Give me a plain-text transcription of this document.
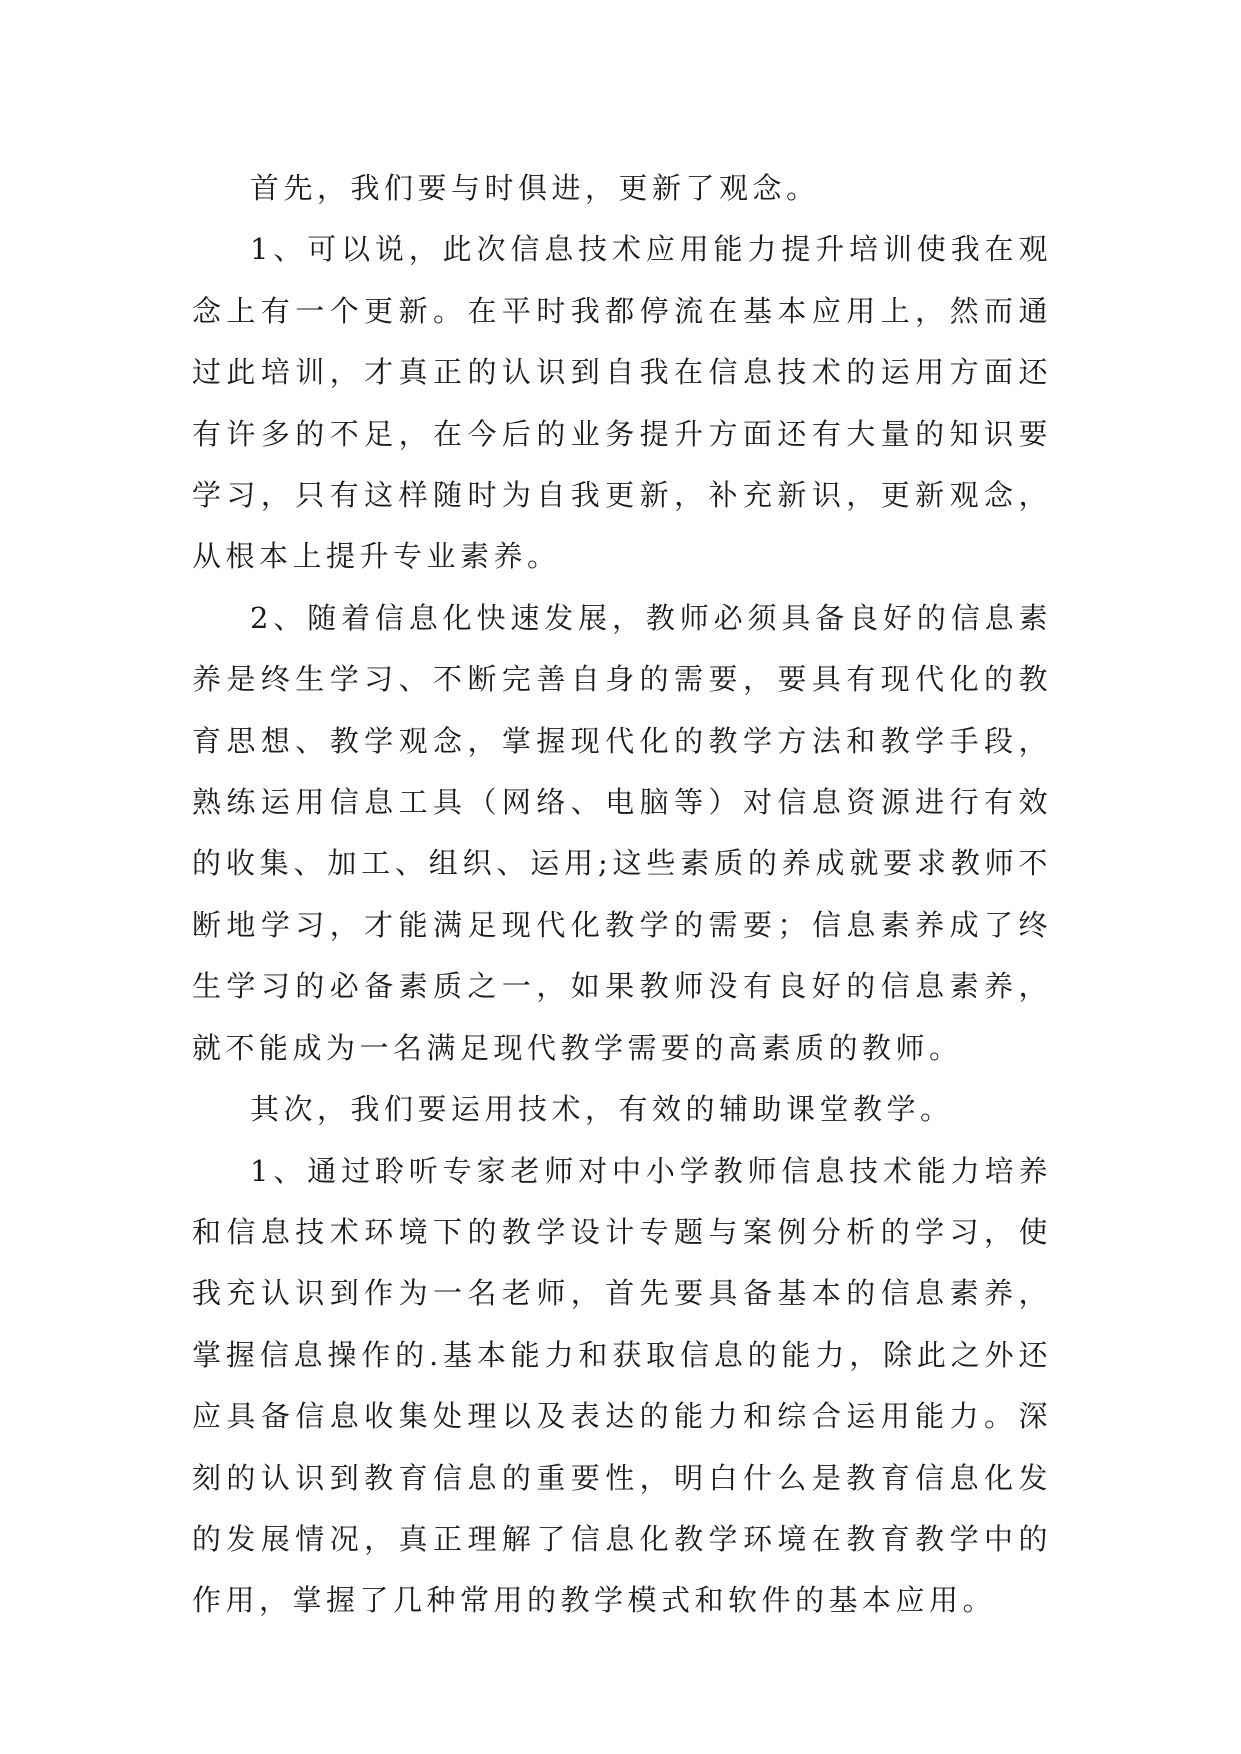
首先，我们要与时俱进，更新了观念。

1、可以说，此次信息技术应用能力提升培训使我在观念上有一个更新。在平时我都停流在基本应用上，然而通过此培训，才真正的认识到自我在信息技术的运用方面还有许多的不足，在今后的业务提升方面还有大量的知识要学习，只有这样随时为自我更新，补充新识，更新观念，从根本上提升专业素养。

2、随着信息化快速发展，教师必须具备良好的信息素养是终生学习、不断完善自身的需要，要具有现代化的教育思想、教学观念，掌握现代化的教学方法和教学手段，熟练运用信息工具（网络、电脑等）对信息资源进行有效的收集、加工、组织、运用;这些素质的养成就要求教师不断地学习，才能满足现代化教学的需要；信息素养成了终生学习的必备素质之一，如果教师没有良好的信息素养，就不能成为一名满足现代教学需要的高素质的教师。

其次，我们要运用技术，有效的辅助课堂教学。

1、通过聆听专家老师对中小学教师信息技术能力培养和信息技术环境下的教学设计专题与案例分析的学习，使我充认识到作为一名老师，首先要具备基本的信息素养，掌握信息操作的.基本能力和获取信息的能力，除此之外还应具备信息收集处理以及表达的能力和综合运用能力。深刻的认识到教育信息的重要性，明白什么是教育信息化发的发展情况，真正理解了信息化教学环境在教育教学中的作用，掌握了几种常用的教学模式和软件的基本应用。
